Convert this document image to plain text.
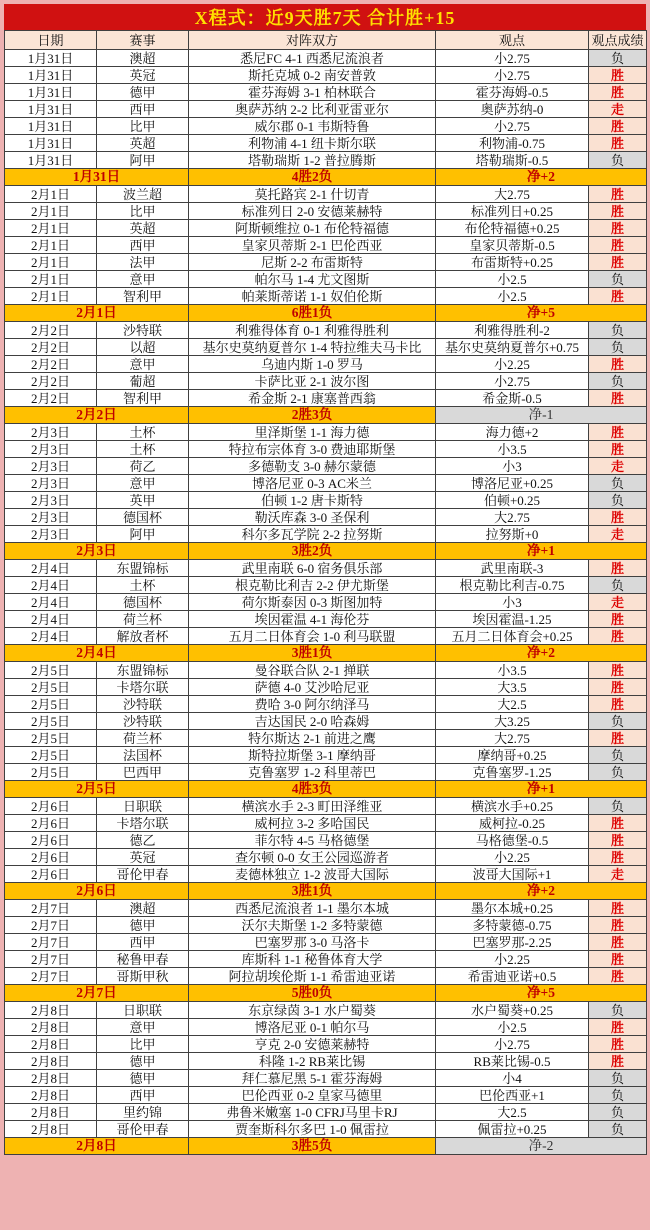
X程式：近9天胜7天 合计胜+15
日期	赛事	对阵双方	观点	观点成绩
1月31日	澳超	悉尼FC 4-1 西悉尼流浪者	小2.75	负
1月31日	英冠	斯托克城 0-2 南安普敦	小2.75	胜
1月31日	德甲	霍芬海姆 3-1 柏林联合	霍芬海姆-0.5	胜
1月31日	西甲	奥萨苏纳 2-2 比利亚雷亚尔	奥萨苏纳-0	走
1月31日	比甲	威尔郡 0-1 韦斯特鲁	小2.75	胜
1月31日	英超	利物浦 4-1 纽卡斯尔联	利物浦-0.75	胜
1月31日	阿甲	塔勒瑞斯 1-2 普拉腾斯	塔勒瑞斯-0.5	负
1月31日		4胜2负	净+2	
2月1日	波兰超	莫托路宾 2-1 什切青	大2.75	胜
2月1日	比甲	标准列日 2-0 安德莱赫特	标准列日+0.25	胜
2月1日	英超	阿斯顿维拉 0-1 布伦特福德	布伦特福德+0.25	胜
2月1日	西甲	皇家贝蒂斯 2-1 巴伦西亚	皇家贝蒂斯-0.5	胜
2月1日	法甲	尼斯 2-2 布雷斯特	布雷斯特+0.25	胜
2月1日	意甲	帕尔马 1-4 尤文图斯	小2.5	负
2月1日	智利甲	帕莱斯蒂诺 1-1 奴伯伦斯	小2.5	胜
2月1日		6胜1负	净+5	
2月2日	沙特联	利雅得体育 0-1 利雅得胜利	利雅得胜利-2	负
2月2日	以超	基尔史莫纳夏普尔 1-4 特拉维夫马卡比	基尔史莫纳夏普尔+0.75	负
2月2日	意甲	乌迪内斯 1-0 罗马	小2.25	胜
2月2日	葡超	卡萨比亚 2-1 波尔图	小2.75	负
2月2日	智利甲	希金斯 2-1 康塞普西翁	希金斯-0.5	胜
2月2日		2胜3负	净-1	
2月3日	土杯	里泽斯堡 1-1 海力德	海力德+2	胜
2月3日	土杯	特拉布宗体育 3-0 费迪耶斯堡	小3.5	胜
2月3日	荷乙	多德勒支 3-0 赫尔蒙德	小3	走
2月3日	意甲	博洛尼亚 0-3 AC米兰	博洛尼亚+0.25	负
2月3日	英甲	伯顿 1-2 唐卡斯特	伯顿+0.25	负
2月3日	德国杯	勒沃库森 3-0 圣保利	大2.75	胜
2月3日	阿甲	科尔多瓦学院 2-2 拉努斯	拉努斯+0	走
2月3日		3胜2负	净+1	
2月4日	东盟锦标	武里南联 6-0 宿务俱乐部	武里南联-3	胜
2月4日	土杯	根克勒比利吉 2-2 伊尤斯堡	根克勒比利吉-0.75	负
2月4日	德国杯	荷尔斯泰因 0-3 斯图加特	小3	走
2月4日	荷兰杯	埃因霍温 4-1 海伦芬	埃因霍温-1.25	胜
2月4日	解放者杯	五月二日体育会 1-0 利马联盟	五月二日体育会+0.25	胜
2月4日		3胜1负	净+2	
2月5日	东盟锦标	曼谷联合队 2-1 掸联	小3.5	胜
2月5日	卡塔尔联	萨德 4-0 艾沙哈尼亚	大3.5	胜
2月5日	沙特联	费哈 3-0 阿尔纳泽马	大2.5	胜
2月5日	沙特联	吉达国民 2-0 哈森姆	大3.25	负
2月5日	荷兰杯	特尔斯达 2-1 前进之鹰	大2.75	胜
2月5日	法国杯	斯特拉斯堡 3-1 摩纳哥	摩纳哥+0.25	负
2月5日	巴西甲	克鲁塞罗 1-2 科里蒂巴	克鲁塞罗-1.25	负
2月5日		4胜3负	净+1	
2月6日	日职联	横滨水手 2-3 町田泽维亚	横滨水手+0.25	负
2月6日	卡塔尔联	威柯拉 3-2 多哈国民	威柯拉-0.25	胜
2月6日	德乙	菲尔特 4-5 马格德堡	马格德堡-0.5	胜
2月6日	英冠	查尔顿 0-0 女王公园巡游者	小2.25	胜
2月6日	哥伦甲春	麦德林独立 1-2 波哥大国际	波哥大国际+1	走
2月6日		3胜1负	净+2	
2月7日	澳超	西悉尼流浪者 1-1 墨尔本城	墨尔本城+0.25	胜
2月7日	德甲	沃尔夫斯堡 1-2 多特蒙德	多特蒙德-0.75	胜
2月7日	西甲	巴塞罗那 3-0 马洛卡	巴塞罗那-2.25	胜
2月7日	秘鲁甲春	库斯科 1-1 秘鲁体育大学	小2.25	胜
2月7日	哥斯甲秋	阿拉胡埃伦斯 1-1 希雷迪亚诺	希雷迪亚诺+0.5	胜
2月7日		5胜0负	净+5	
2月8日	日职联	东京绿茵 3-1 水户蜀葵	水户蜀葵+0.25	负
2月8日	意甲	博洛尼亚 0-1 帕尔马	小2.5	胜
2月8日	比甲	亨克 2-0 安德莱赫特	小2.75	胜
2月8日	德甲	科隆 1-2 RB莱比锡	RB莱比锡-0.5	胜
2月8日	德甲	拜仁慕尼黑 5-1 霍芬海姆	小4	负
2月8日	西甲	巴伦西亚 0-2 皇家马德里	巴伦西亚+1	负
2月8日	里约锦	弗鲁米嫩塞 1-0 CFRJ马里卡RJ	大2.5	负
2月8日	哥伦甲春	贾奎斯科尔多巴 1-0 佩雷拉	佩雷拉+0.25	负
2月8日		3胜5负	净-2	
